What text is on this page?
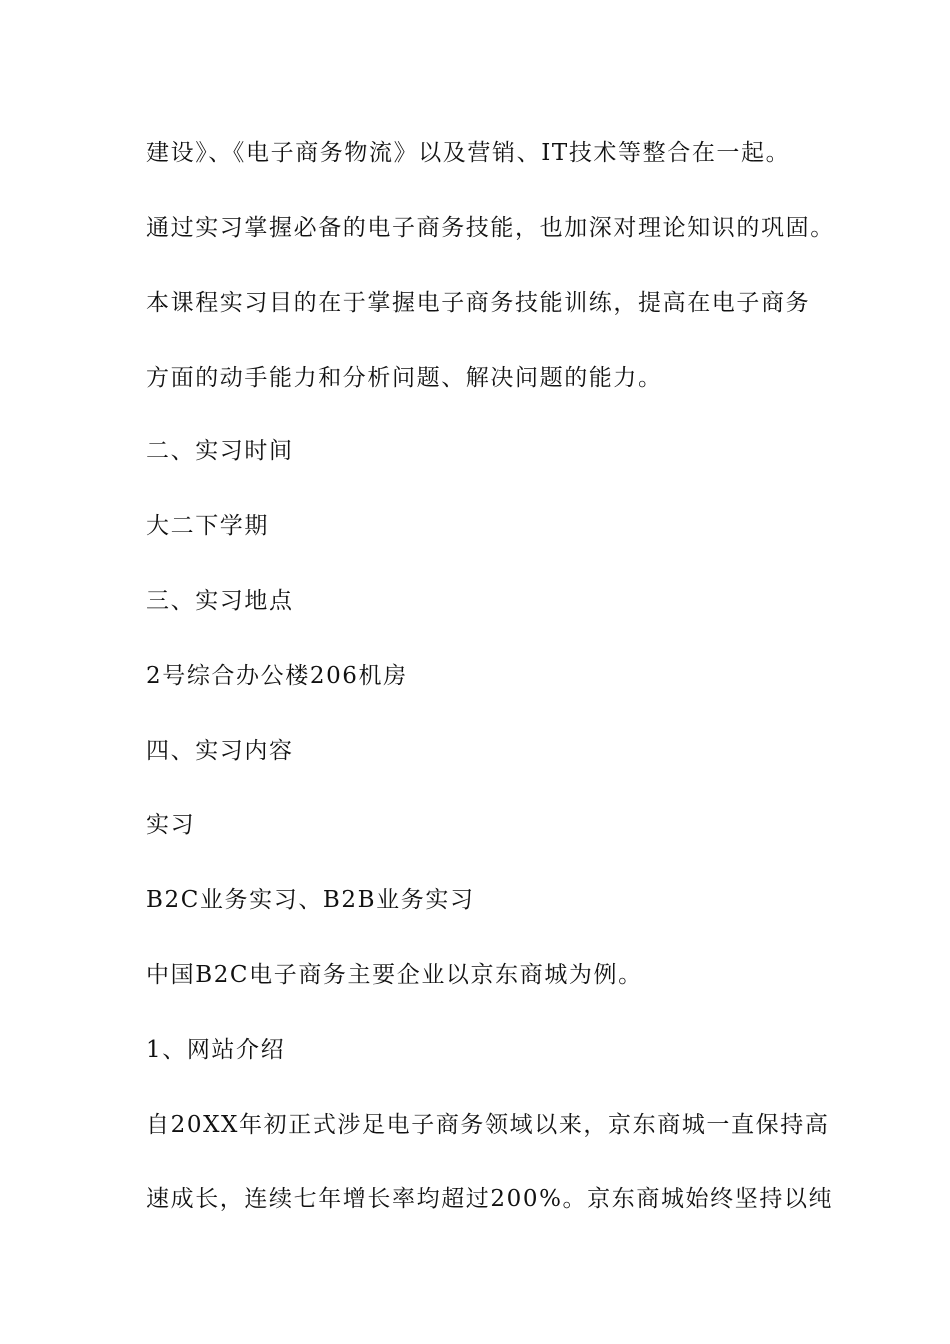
建设》、《电子商务物流》以及营销、IT技术等整合在一起。
通过实习掌握必备的电子商务技能，也加深对理论知识的巩固。
本课程实习目的在于掌握电子商务技能训练，提高在电子商务
方面的动手能力和分析问题、解决问题的能力。
二、实习时间
大二下学期
三、实习地点
2号综合办公楼206机房
四、实习内容
实习
B2C业务实习、B2B业务实习
中国B2C电子商务主要企业以京东商城为例。
1、网站介绍
自20XX年初正式涉足电子商务领域以来，京东商城一直保持高
速成长，连续七年增长率均超过200%。京东商城始终坚持以纯
